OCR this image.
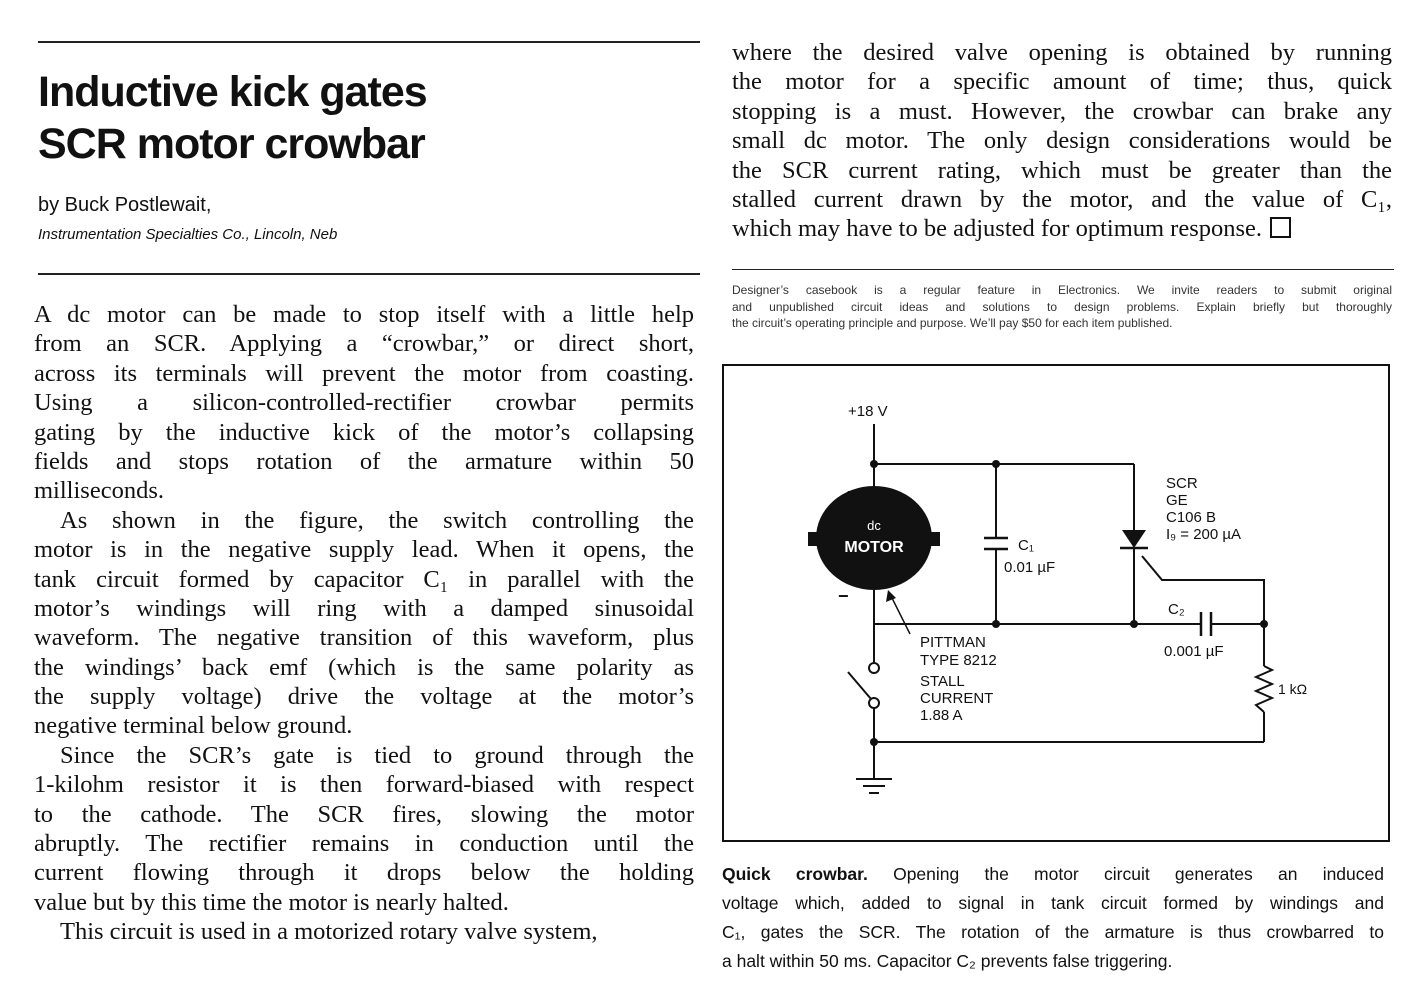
Inductive kick gates
SCR motor crowbar
by Buck Postlewait,
Instrumentation Specialties Co., Lincoln, Neb
A dc motor can be made to stop itself with a little help
from an SCR. Applying a “crowbar,” or direct short,
across its terminals will prevent the motor from coasting.
Using a silicon-controlled-rectifier crowbar permits
gating by the inductive kick of the motor’s collapsing
fields and stops rotation of the armature within 50
milliseconds.
As shown in the figure, the switch controlling the
motor is in the negative supply lead. When it opens, the
tank circuit formed by capacitor C₁ in parallel with the
motor’s windings will ring with a damped sinusoidal
waveform. The negative transition of this waveform, plus
the windings’ back emf (which is the same polarity as
the supply voltage) drive the voltage at the motor’s
negative terminal below ground.
Since the SCR’s gate is tied to ground through the
1-kilohm resistor it is then forward-biased with respect
to the cathode. The SCR fires, slowing the motor
abruptly. The rectifier remains in conduction until the
current flowing through it drops below the holding
value but by this time the motor is nearly halted.
This circuit is used in a motorized rotary valve system,
where the desired valve opening is obtained by running
the motor for a specific amount of time; thus, quick
stopping is a must. However, the crowbar can brake any
small dc motor. The only design considerations would be
the SCR current rating, which must be greater than the
stalled current drawn by the motor, and the value of C₁,
which may have to be adjusted for optimum response.
Designer’s casebook is a regular feature in Electronics. We invite readers to submit original
and unpublished circuit ideas and solutions to design problems. Explain briefly but thoroughly
the circuit’s operating principle and purpose. We’ll pay $50 for each item published.
dc
MOTOR
+
−
+18 V
C₁
0.01 µF
SCR
GE
C106 B
I₉ = 200 µA
C₂
0.001 µF
1 kΩ
PITTMAN
TYPE 8212
STALL
CURRENT
1.88 A
Quick crowbar. Opening the motor circuit generates an induced
voltage which, added to signal in tank circuit formed by windings and
C₁, gates the SCR. The rotation of the armature is thus crowbarred to
a halt within 50 ms. Capacitor C₂ prevents false triggering.
